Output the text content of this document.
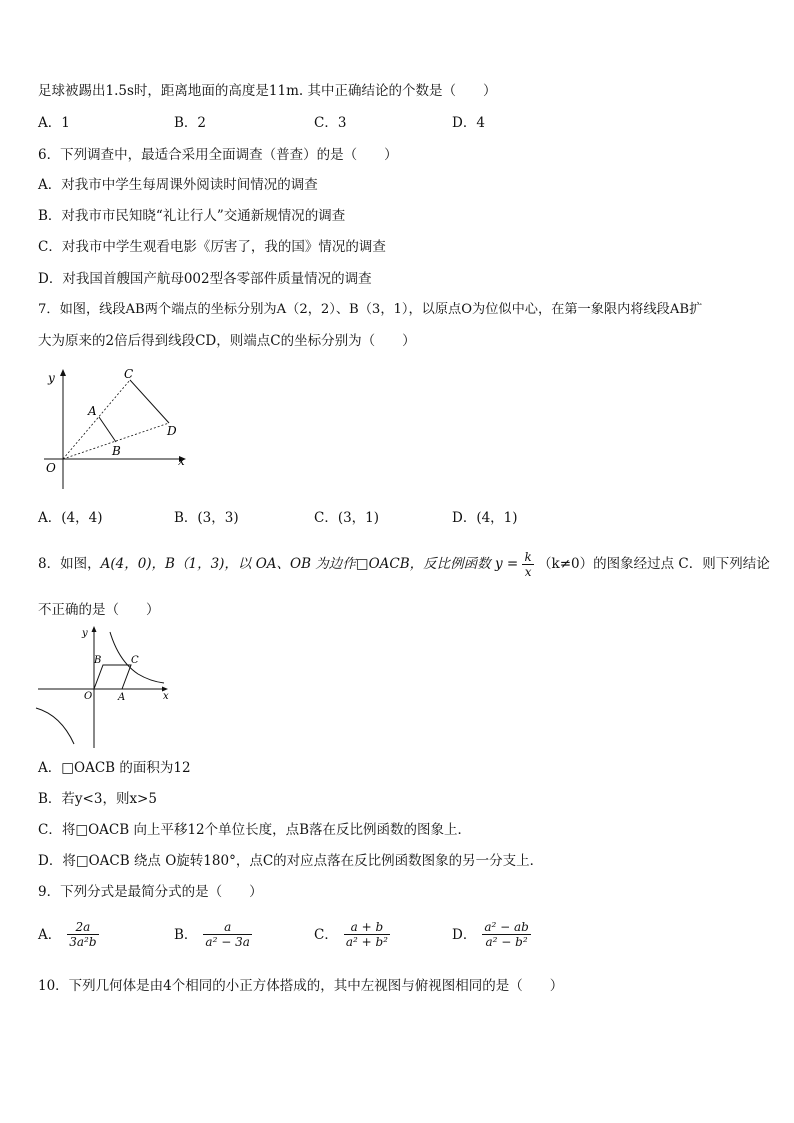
足球被踢出1.5s时，距离地面的高度是11m. 其中正确结论的个数是（　　）
A．1	B．2	C．3	D．4
6．下列调查中，最适合采用全面调查（普查）的是（　　）
A．对我市中学生每周课外阅读时间情况的调查
B．对我市市民知晓“礼让行人”交通新规情况的调查
C．对我市中学生观看电影《厉害了，我的国》情况的调查
D．对我国首艘国产航母002型各零部件质量情况的调查
7．如图，线段AB两个端点的坐标分别为A（2，2）、B（3，1），以原点O为位似中心，在第一象限内将线段AB扩
大为原来的2倍后得到线段CD，则端点C的坐标分别为（　　）
y
x
O
A
B
C
D
A．(4，4)	B．(3，3)	C．(3，1)	D．(4，1)
8．如图，A(4，0)，B（1，3)，以 OA、OB 为边作□OACB，反比例函数 $y = \frac{k}{x} (k\ne 0)$的图象经过点 C．则下列结论
不正确的是（　　）
y
x
O	A
B	C
A．□OACB 的面积为12
B．若y<3，则x>5
C．将□OACB 向上平移12个单位长度，点B落在反比例函数的图象上．
D．将□OACB 绕点 O旋转180°，点C的对应点落在反比例函数图象的另一分支上．
9．下列分式是最简分式的是（　　）
A． $\frac{2a}{\text{3a²b}}$	B． $\frac{a}{\text{a² − 3a}}$	C． $\frac{a + b}{\text{a² + b²}}$	D． $\frac{\text{a² − ab}}{\text{a² − b²}}$
10．下列几何体是由4个相同的小正方体搭成的，其中左视图与俯视图相同的是（　　）
